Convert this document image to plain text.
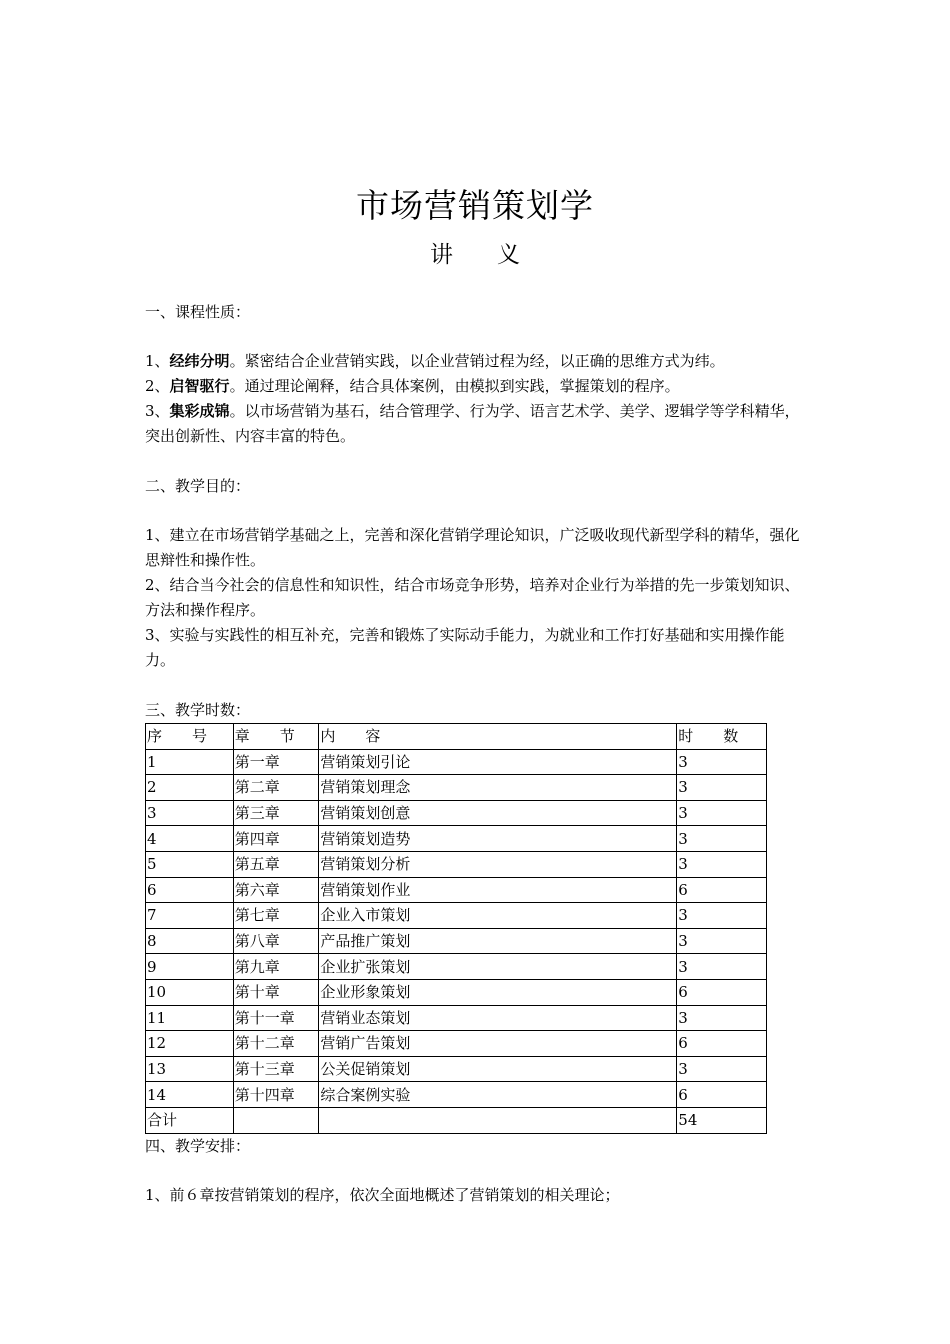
市场营销策划学
讲 义

一、课程性质：

1、经纬分明。紧密结合企业营销实践，以企业营销过程为经，以正确的思维方式为纬。

2、启智驱行。通过理论阐释，结合具体案例，由模拟到实践，掌握策划的程序。

3、集彩成锦。以市场营销为基石，结合管理学、行为学、语言艺术学、美学、逻辑学等学科精华，突出创新性、内容丰富的特色。

二、教学目的：

1、建立在市场营销学基础之上，完善和深化营销学理论知识，广泛吸收现代新型学科的精华，强化思辩性和操作性。

2、结合当今社会的信息性和知识性，结合市场竞争形势，培养对企业行为举措的先一步策划知识、方法和操作程序。

3、实验与实践性的相互补充，完善和锻炼了实际动手能力，为就业和工作打好基础和实用操作能力。

三、教学时数：

序　　号	章　　节	内　　容	时　　数
1	第一章	营销策划引论	3
2	第二章	营销策划理念	3
3	第三章	营销策划创意	3
4	第四章	营销策划造势	3
5	第五章	营销策划分析	3
6	第六章	营销策划作业	6
7	第七章	企业入市策划	3
8	第八章	产品推广策划	3
9	第九章	企业扩张策划	3
10	第十章	企业形象策划	6
11	第十一章	营销业态策划	3
12	第十二章	营销广告策划	6
13	第十三章	公关促销策划	3
14	第十四章	综合案例实验	6
合计			54

四、教学安排：

1、前６章按营销策划的程序，依次全面地概述了营销策划的相关理论；
